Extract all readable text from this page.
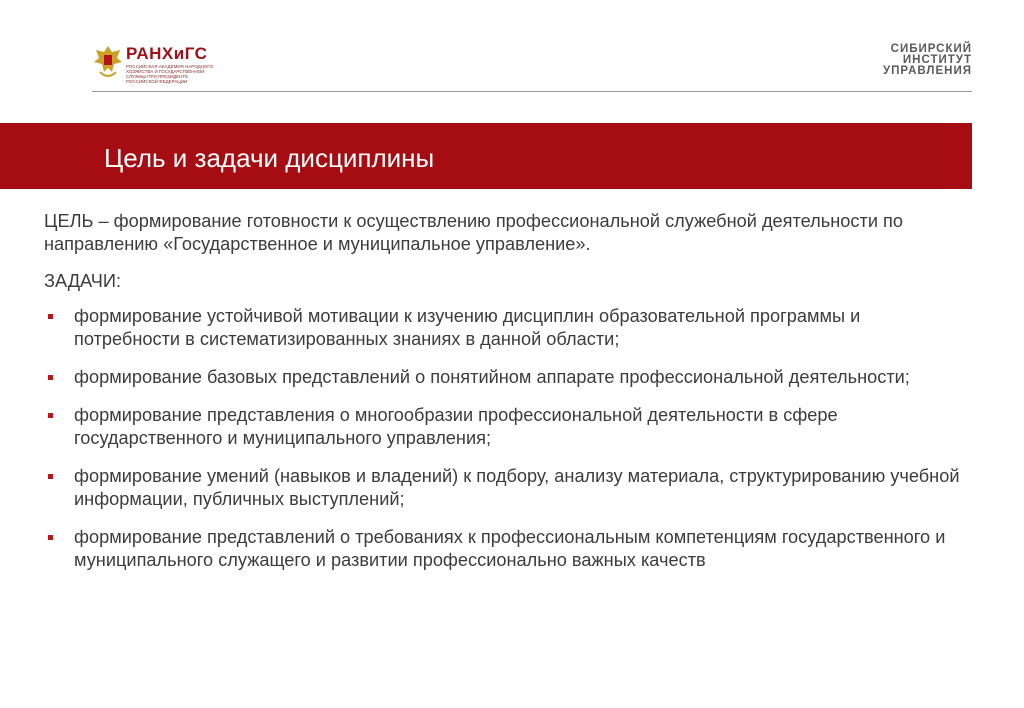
РАНХиГС
РОССИЙСКАЯ АКАДЕМИЯ НАРОДНОГО ХОЗЯЙСТВА И ГОСУДАРСТВЕННОЙ СЛУЖБЫ ПРИ ПРЕЗИДЕНТЕ РОССИЙСКОЙ ФЕДЕРАЦИИ
СИБИРСКИЙ
ИНСТИТУТ
УПРАВЛЕНИЯ
Цель и задачи дисциплины

ЦЕЛЬ – формирование готовности к осуществлению профессиональной служебной деятельности по направлению «Государственное и муниципальное управление».

ЗАДАЧИ:

формирование устойчивой мотивации к изучению дисциплин образовательной программы и потребности в систематизированных знаниях в данной области;
формирование базовых представлений о понятийном аппарате профессиональной деятельности;
формирование представления о многообразии профессиональной деятельности в сфере государственного и муниципального управления;
формирование умений (навыков и владений) к подбору, анализу материала, структурированию учебной информации, публичных выступлений;
формирование представлений о требованиях к профессиональным компетенциям государственного и муниципального служащего и развитии профессионально важных качеств
